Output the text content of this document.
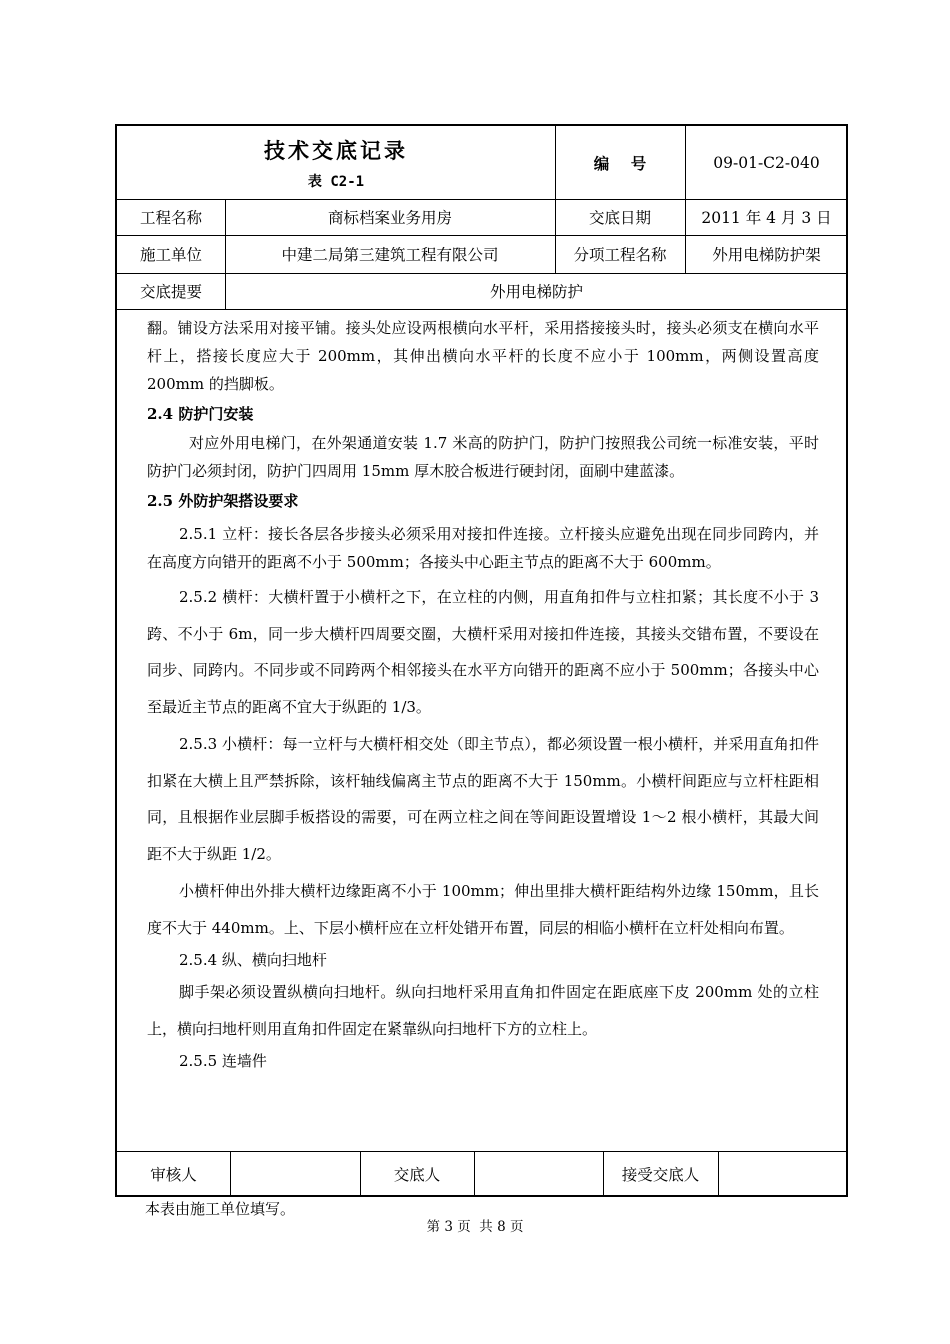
技术交底记录
表 C2-1
编    号	09-01-C2-040
工程名称	商标档案业务用房	交底日期	2011 年 4 月 3 日
施工单位	中建二局第三建筑工程有限公司	分项工程名称	外用电梯防护架
交底提要	外用电梯防护

翻。铺设方法采用对接平铺。接头处应设两根横向水平杆，采用搭接接头时，接头必须支在横向水平杆上，搭接长度应大于 200mm，其伸出横向水平杆的长度不应小于 100mm，两侧设置高度 200mm 的挡脚板。

2.4 防护门安装

对应外用电梯门，在外架通道安装 1.7 米高的防护门，防护门按照我公司统一标准安装，平时防护门必须封闭，防护门四周用 15mm 厚木胶合板进行硬封闭，面刷中建蓝漆。

2.5 外防护架搭设要求

2.5.1 立杆：接长各层各步接头必须采用对接扣件连接。立杆接头应避免出现在同步同跨内，并在高度方向错开的距离不小于 500mm；各接头中心距主节点的距离不大于 600mm。

2.5.2 横杆：大横杆置于小横杆之下，在立柱的内侧，用直角扣件与立柱扣紧；其长度不小于 3 跨、不小于 6m，同一步大横杆四周要交圈，大横杆采用对接扣件连接，其接头交错布置，不要设在同步、同跨内。不同步或不同跨两个相邻接头在水平方向错开的距离不应小于 500mm；各接头中心至最近主节点的距离不宜大于纵距的 1/3。

2.5.3 小横杆：每一立杆与大横杆相交处（即主节点），都必须设置一根小横杆，并采用直角扣件扣紧在大横上且严禁拆除，该杆轴线偏离主节点的距离不大于 150mm。小横杆间距应与立杆柱距相同，且根据作业层脚手板搭设的需要，可在两立柱之间在等间距设置增设 1～2 根小横杆，其最大间距不大于纵距 1/2。

小横杆伸出外排大横杆边缘距离不小于 100mm；伸出里排大横杆距结构外边缘 150mm，且长度不大于 440mm。上、下层小横杆应在立杆处错开布置，同层的相临小横杆在立杆处相向布置。

2.5.4 纵、横向扫地杆

脚手架必须设置纵横向扫地杆。纵向扫地杆采用直角扣件固定在距底座下皮 200mm 处的立柱上，横向扫地杆则用直角扣件固定在紧靠纵向扫地杆下方的立柱上。

2.5.5 连墙件

审核人	交底人	接受交底人
本表由施工单位填写。
第 3 页  共 8 页
